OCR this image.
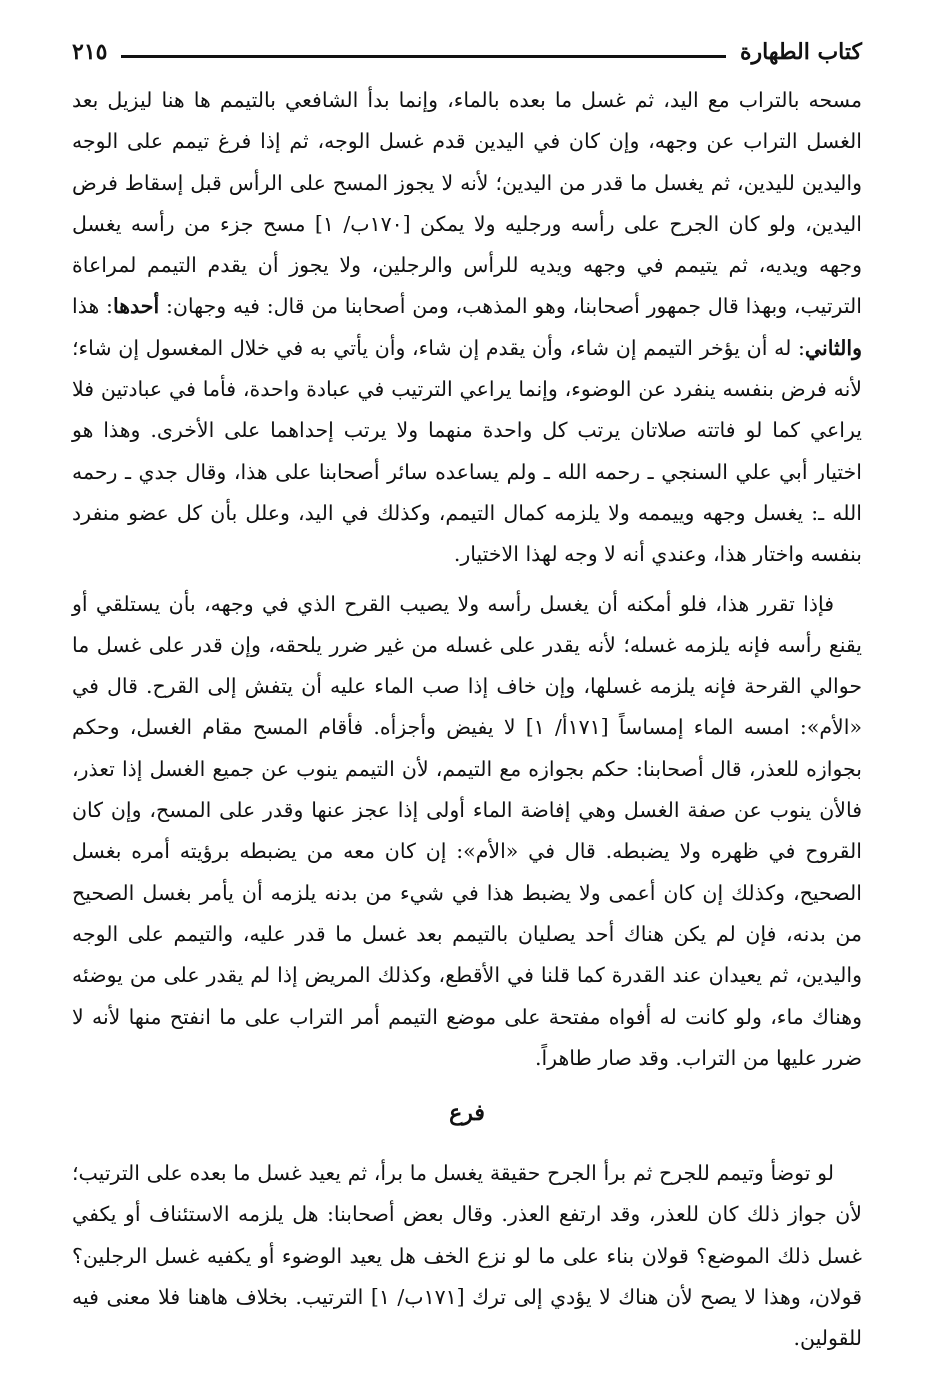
كتاب الطهارة
٢١٥

مسحه بالتراب مع اليد، ثم غسل ما بعده بالماء، وإنما بدأ الشافعي بالتيمم ها هنا ليزيل بعد الغسل التراب عن وجهه، وإن كان في اليدين قدم غسل الوجه، ثم إذا فرغ تيمم على الوجه واليدين لليدين، ثم يغسل ما قدر من اليدين؛ لأنه لا يجوز المسح على الرأس قبل إسقاط فرض اليدين، ولو كان الجرح على رأسه ورجليه ولا يمكن [١٧٠ب/ ١] مسح جزء من رأسه يغسل وجهه ويديه، ثم يتيمم في وجهه ويديه للرأس والرجلين، ولا يجوز أن يقدم التيمم لمراعاة الترتيب، وبهذا قال جمهور أصحابنا، وهو المذهب، ومن أصحابنا من قال: فيه وجهان: أحدها: هذا والثاني: له أن يؤخر التيمم إن شاء، وأن يقدم إن شاء، وأن يأتي به في خلال المغسول إن شاء؛ لأنه فرض بنفسه ينفرد عن الوضوء، وإنما يراعي الترتيب في عبادة واحدة، فأما في عبادتين فلا يراعي كما لو فاتته صلاتان يرتب كل واحدة منهما ولا يرتب إحداهما على الأخرى. وهذا هو اختيار أبي علي السنجي ـ رحمه الله ـ ولم يساعده سائر أصحابنا على هذا، وقال جدي ـ رحمه الله ـ: يغسل وجهه وييممه ولا يلزمه كمال التيمم، وكذلك في اليد، وعلل بأن كل عضو منفرد بنفسه واختار هذا، وعندي أنه لا وجه لهذا الاختيار.

فإذا تقرر هذا، فلو أمكنه أن يغسل رأسه ولا يصيب القرح الذي في وجهه، بأن يستلقي أو يقنع رأسه فإنه يلزمه غسله؛ لأنه يقدر على غسله من غير ضرر يلحقه، وإن قدر على غسل ما حوالي القرحة فإنه يلزمه غسلها، وإن خاف إذا صب الماء عليه أن يتفش إلى القرح. قال في «الأم»: امسه الماء إمساساً [١٧١أ/ ١] لا يفيض وأجزأه. فأقام المسح مقام الغسل، وحكم بجوازه للعذر، قال أصحابنا: حكم بجوازه مع التيمم، لأن التيمم ينوب عن جميع الغسل إذا تعذر، فالأن ينوب عن صفة الغسل وهي إفاضة الماء أولى إذا عجز عنها وقدر على المسح، وإن كان القروح في ظهره ولا يضبطه. قال في «الأم»: إن كان معه من يضبطه برؤيته أمره بغسل الصحيح، وكذلك إن كان أعمى ولا يضبط هذا في شيء من بدنه يلزمه أن يأمر بغسل الصحيح من بدنه، فإن لم يكن هناك أحد يصليان بالتيمم بعد غسل ما قدر عليه، والتيمم على الوجه واليدين، ثم يعيدان عند القدرة كما قلنا في الأقطع، وكذلك المريض إذا لم يقدر على من يوضئه وهناك ماء، ولو كانت له أفواه مفتحة على موضع التيمم أمر التراب على ما انفتح منها لأنه لا ضرر عليها من التراب. وقد صار طاهراً.

فرع

لو توضأ وتيمم للجرح ثم برأ الجرح حقيقة يغسل ما برأ، ثم يعيد غسل ما بعده على الترتيب؛ لأن جواز ذلك كان للعذر، وقد ارتفع العذر. وقال بعض أصحابنا: هل يلزمه الاستئناف أو يكفي غسل ذلك الموضع؟ قولان بناء على ما لو نزع الخف هل يعيد الوضوء أو يكفيه غسل الرجلين؟ قولان، وهذا لا يصح لأن هناك لا يؤدي إلى ترك [١٧١ب/ ١] الترتيب. بخلاف هاهنا فلا معنى فيه للقولين.
